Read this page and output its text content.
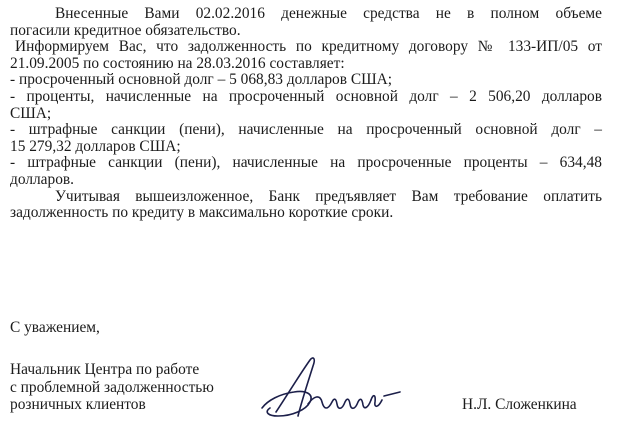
Внесенные Вами 02.02.2016 денежные средства не в полном объеме
погасили кредитное обязательство.

Информируем Вас, что задолженность по кредитному договору № 133-ИП/05 от
21.09.2005 по состоянию на 28.03.2016 составляет:

- просроченный основной долг – 5 068,83 долларов США;

- проценты, начисленные на просроченный основной долг – 2 506,20 долларов
США;

- штрафные санкции (пени), начисленные на просроченный основной долг –
15 279,32 долларов США;

- штрафные санкции (пени), начисленные на просроченные проценты – 634,48
долларов.

Учитывая вышеизложенное, Банк предъявляет Вам требование оплатить
задолженность по кредиту в максимально короткие сроки.

С уважением,
Начальник Центра по работе
с проблемной задолженностью
розничных клиентов	Н.Л. Сложенкина
